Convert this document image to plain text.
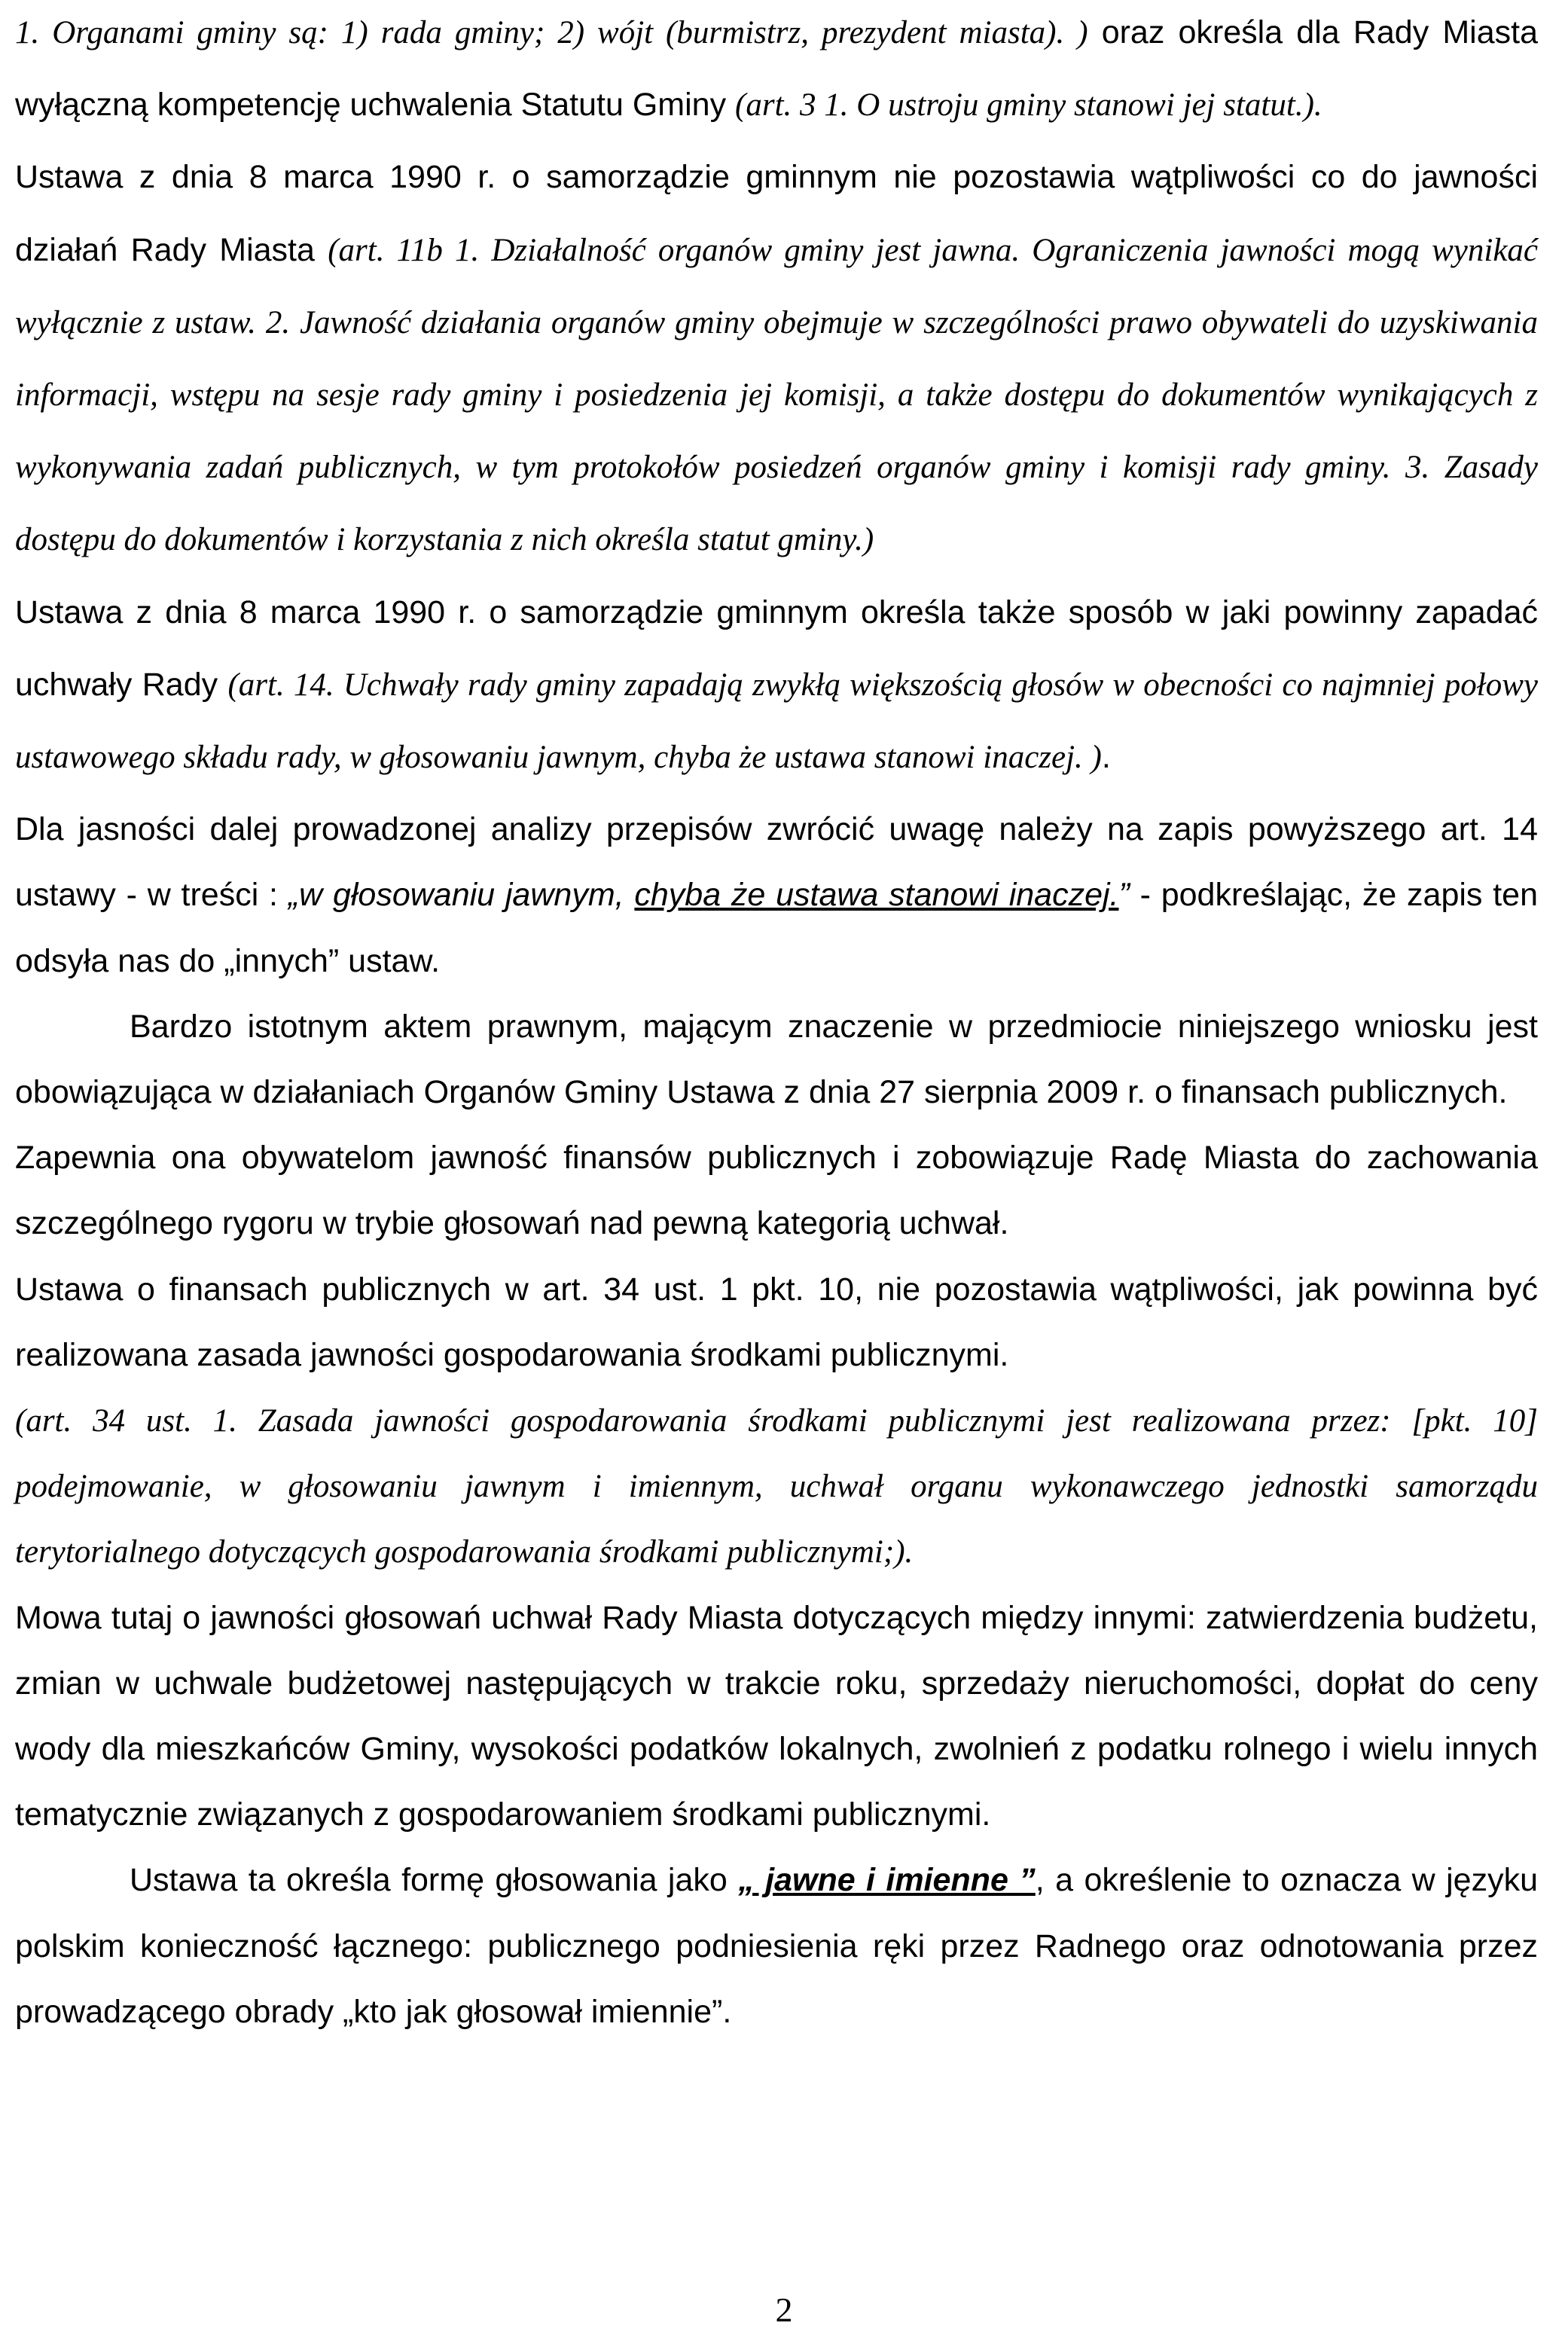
1. Organami gminy są: 1) rada gminy; 2) wójt (burmistrz, prezydent miasta). ) oraz określa dla Rady Miasta wyłączną kompetencję uchwalenia Statutu Gminy (art. 3 1. O ustroju gminy stanowi jej statut.).

Ustawa z dnia 8 marca 1990 r. o samorządzie gminnym nie pozostawia wątpliwości co do jawności działań Rady Miasta (art. 11b 1. Działalność organów gminy jest jawna. Ograniczenia jawności mogą wynikać wyłącznie z ustaw. 2. Jawność działania organów gminy obejmuje w szczególności prawo obywateli do uzyskiwania informacji, wstępu na sesje rady gminy i posiedzenia jej komisji, a także dostępu do dokumentów wynikających z wykonywania zadań publicznych, w tym protokołów posiedzeń organów gminy i komisji rady gminy. 3. Zasady dostępu do dokumentów i korzystania z nich określa statut gminy.)

Ustawa z dnia 8 marca 1990 r. o samorządzie gminnym określa także sposób w jaki powinny zapadać uchwały Rady (art. 14. Uchwały rady gminy zapadają zwykłą większością głosów w obecności co najmniej połowy ustawowego składu rady, w głosowaniu jawnym, chyba że ustawa stanowi inaczej. ).

Dla jasności dalej prowadzonej analizy przepisów zwrócić uwagę należy na zapis powyższego art. 14 ustawy - w treści : „w głosowaniu jawnym, chyba że ustawa stanowi inaczej.” - podkreślając, że zapis ten odsyła nas do „innych” ustaw.

Bardzo istotnym aktem prawnym, mającym znaczenie w przedmiocie niniejszego wniosku jest obowiązująca w działaniach Organów Gminy Ustawa z dnia 27 sierpnia 2009 r. o finansach publicznych.

Zapewnia ona obywatelom jawność finansów publicznych i zobowiązuje Radę Miasta do zachowania szczególnego rygoru w trybie głosowań nad pewną kategorią uchwał.

Ustawa o finansach publicznych w art. 34 ust. 1 pkt. 10, nie pozostawia wątpliwości, jak powinna być realizowana zasada jawności gospodarowania środkami publicznymi.

(art. 34 ust. 1. Zasada jawności gospodarowania środkami publicznymi jest realizowana przez: [pkt. 10] podejmowanie, w głosowaniu jawnym i imiennym, uchwał organu wykonawczego jednostki samorządu terytorialnego dotyczących gospodarowania środkami publicznymi;).

Mowa tutaj o jawności głosowań uchwał Rady Miasta dotyczących między innymi: zatwierdzenia budżetu, zmian w uchwale budżetowej następujących w trakcie roku, sprzedaży nieruchomości, dopłat do ceny wody dla mieszkańców Gminy, wysokości podatków lokalnych, zwolnień z podatku rolnego i wielu innych tematycznie związanych z gospodarowaniem środkami publicznymi.

Ustawa ta określa formę głosowania jako „ jawne i imienne ”, a określenie to oznacza w języku polskim konieczność łącznego: publicznego podniesienia ręki przez Radnego oraz odnotowania przez prowadzącego obrady „kto jak głosował imiennie”.

2
